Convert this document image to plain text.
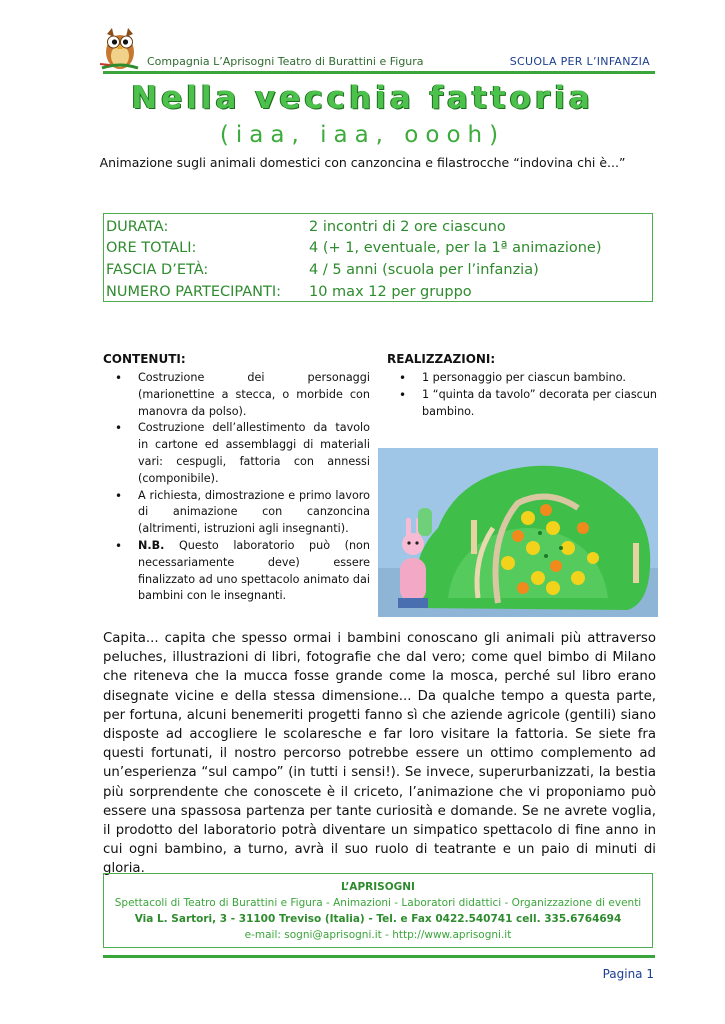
Compagnia L’Aprisogni Teatro di Burattini e Figura	SCUOLA PER L’INFANZIA
Nella vecchia fattoria
(iaa, iaa, oooh)
Animazione sugli animali domestici con canzoncina e filastrocche “indovina chi è...”
DURATA:	2 incontri di 2 ore ciascuno
ORE TOTALI:	4 (+ 1, eventuale, per la 1ª animazione)
FASCIA D’ETÀ:	4 / 5 anni (scuola per l’infanzia)
NUMERO PARTECIPANTI: 10 max 12 per gruppo
CONTENUTI:
• Costruzione dei personaggi (marionettine a stecca, o morbide con manovra da polso).
• Costruzione dell’allestimento da tavolo in cartone ed assemblaggi di materiali vari: cespugli, fattoria con annessi (componibile).
• A richiesta, dimostrazione e primo lavoro di animazione con canzoncina (altrimenti, istruzioni agli insegnanti).
• N.B. Questo laboratorio può (non necessariamente deve) essere finalizzato ad uno spettacolo animato dai bambini con le insegnanti.
REALIZZAZIONI:
• 1 personaggio per ciascun bambino.
• 1 “quinta da tavolo” decorata per ciascun bambino.
Capita... capita che spesso ormai i bambini conoscano gli animali più attraverso peluches, illustrazioni di libri, fotografie che dal vero; come quel bimbo di Milano che riteneva che la mucca fosse grande come la mosca, perché sul libro erano disegnate vicine e della stessa dimensione... Da qualche tempo a questa parte, per fortuna, alcuni benemeriti progetti fanno sì che aziende agricole (gentili) siano disposte ad accogliere le scolaresche e far loro visitare la fattoria. Se siete fra questi fortunati, il nostro percorso potrebbe essere un ottimo complemento ad un’esperienza “sul campo” (in tutti i sensi!). Se invece, superurbanizzati, la bestia più sorprendente che conoscete è il criceto, l’animazione che vi proponiamo può essere una spassosa partenza per tante curiosità e domande. Se ne avrete voglia, il prodotto del laboratorio potrà diventare un simpatico spettacolo di fine anno in cui ogni bambino, a turno, avrà il suo ruolo di teatrante e un paio di minuti di gloria.
L’APRISOGNI
Spettacoli di Teatro di Burattini e Figura - Animazioni - Laboratori didattici - Organizzazione di eventi
Via L. Sartori, 3 - 31100 Treviso (Italia) - Tel. e Fax 0422.540741 cell. 335.6764694
e-mail: sogni@aprisogni.it - http://www.aprisogni.it
Pagina 1
